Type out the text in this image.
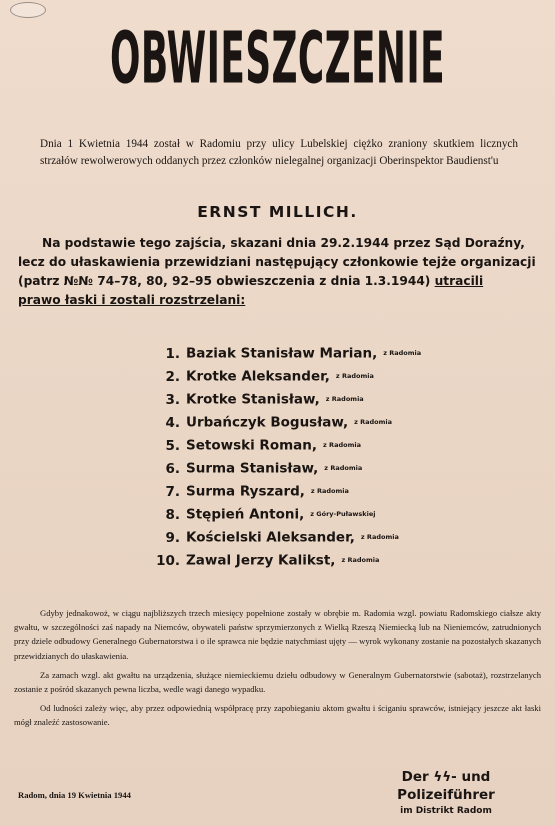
OBWIESZCZENIE

Dnia 1 Kwietnia 1944 został w Radomiu przy ulicy Lubelskiej ciężko zraniony skutkiem licznych strzałów rewolwerowych oddanych przez członków nielegalnej organizacji Oberinspektor Baudienst'u

ERNST MILLICH.

Na podstawie tego zajścia, skazani dnia 29.2.1944 przez Sąd Doraźny,

lecz do ułaskawienia przewidziani następujący członkowie tejże organizacji

(patrz №№ 74–78, 80, 92–95 obwieszczenia z dnia 1.3.1944) utracili

prawo łaski i zostali rozstrzelani:

1. Baziak Stanisław Marian, z Radomia
2. Krotke Aleksander, z Radomia
3. Krotke Stanisław, z Radomia
4. Urbańczyk Bogusław, z Radomia
5. Setowski Roman, z Radomia
6. Surma Stanisław, z Radomia
7. Surma Ryszard, z Radomia
8. Stępień Antoni, z Góry-Puławskiej
9. Kościelski Aleksander, z Radomia
10. Zawal Jerzy Kalikst, z Radomia

Gdyby jednakowoż, w ciągu najbliższych trzech miesięcy popełnione zostały w obrębie m. Radomia wzgl. powiatu Radomskiego ciałsze akty gwałtu, w szczególności zaś napady na Niemców, obywateli państw sprzymierzonych z Wielką Rzeszą Niemiecką lub na Nieniemców, zatrudnionych przy dziele odbudowy Generalnego Gubernatorstwa i o ile sprawca nie będzie natychmiast ujęty — wyrok wykonany zostanie na pozostałych skazanych przewidzianych do ułaskawienia.

Za zamach wzgl. akt gwałtu na urządzenia, służące niemieckiemu dziełu odbudowy w Generalnym Gubernatorstwie (sabotaż), rozstrzelanych zostanie z pośród skazanych pewna liczba, wedle wagi danego wypadku.

Od ludności zależy więc, aby przez odpowiednią współpracę przy zapobieganiu aktom gwałtu i ściganiu sprawców, istniejący jeszcze akt łaski mógł znaleźć zastosowanie.

Radom, dnia 19 Kwietnia 1944
Der ϟϟ- und Polizeiführer
im Distrikt Radom
